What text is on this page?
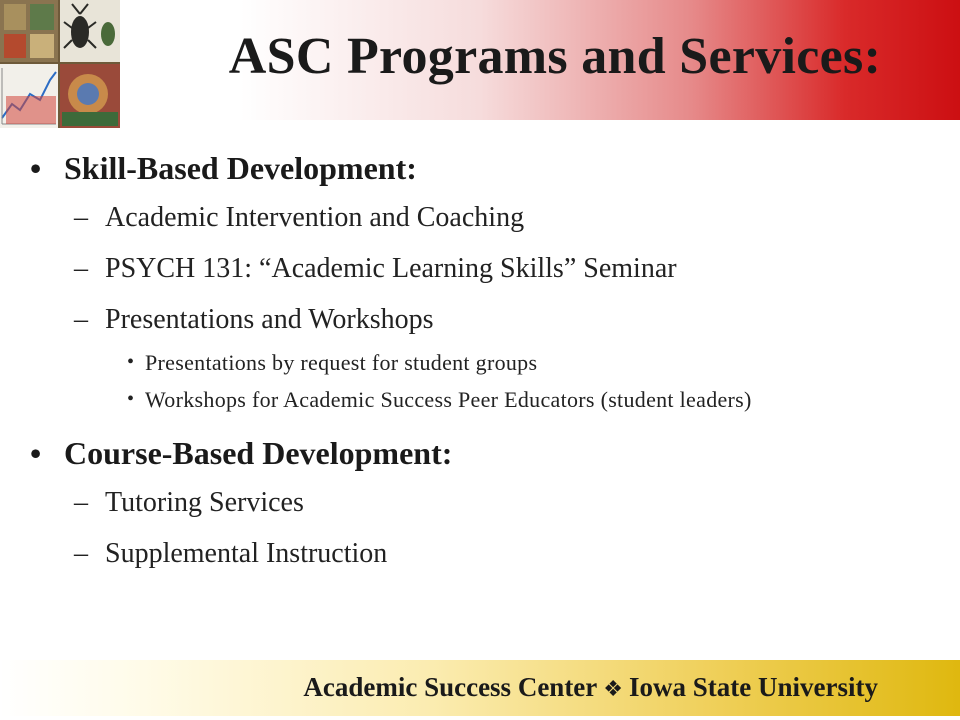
ASC Programs and Services:
• Skill-Based Development:
– Academic Intervention and Coaching
– PSYCH 131: “Academic Learning Skills” Seminar
– Presentations and Workshops
• Presentations by request for student groups
• Workshops for Academic Success Peer Educators (student leaders)
• Course-Based Development:
– Tutoring Services
– Supplemental Instruction
Academic Success Center ❖ Iowa State University
